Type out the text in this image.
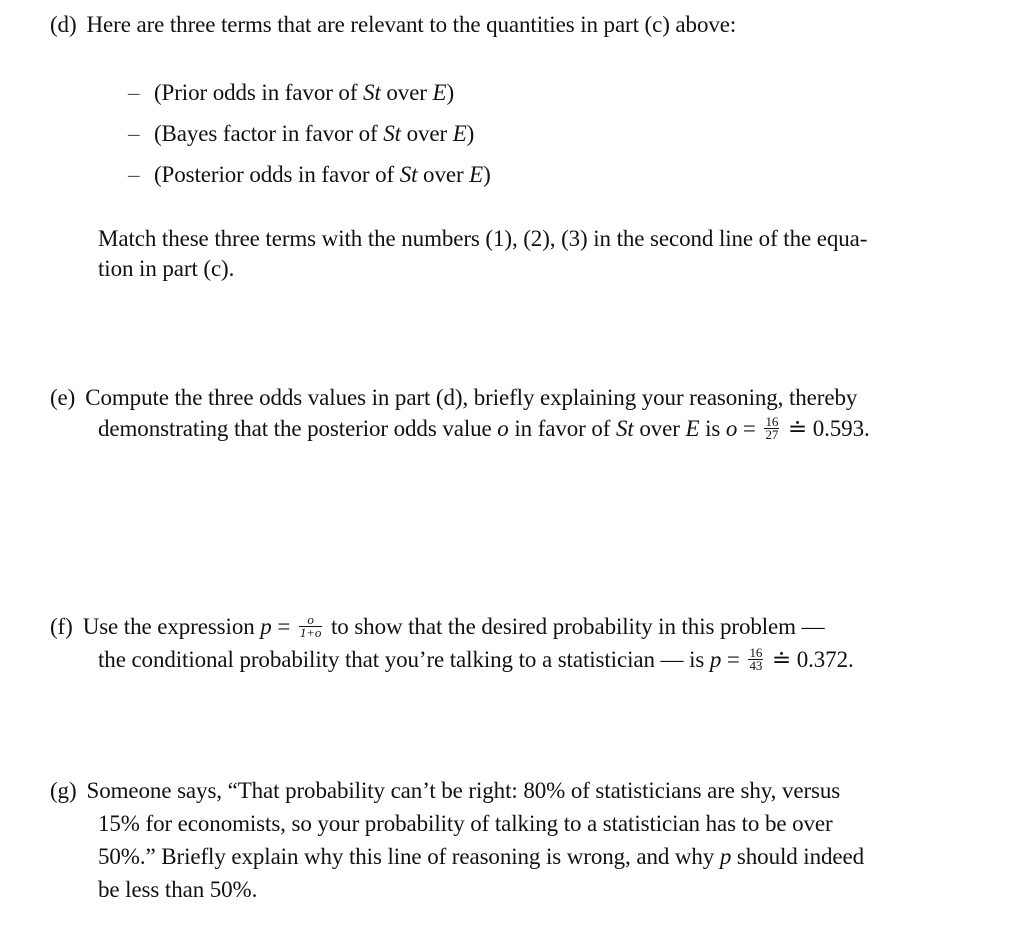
(d) Here are three terms that are relevant to the quantities in part (c) above:
– (Prior odds in favor of St over E)
– (Bayes factor in favor of St over E)
– (Posterior odds in favor of St over E)
Match these three terms with the numbers (1), (2), (3) in the second line of the equa-
tion in part (c).
(e) Compute the three odds values in part (d), briefly explaining your reasoning, thereby
demonstrating that the posterior odds value o in favor of St over E is $o = \frac{16}{27}$ ≐ 0.593.
(f) Use the expression $p = \frac{o}{1+o}$ to show that the desired probability in this problem —
the conditional probability that you’re talking to a statistician — is $p = \frac{16}{43}$ ≐ 0.372.
(g) Someone says, “That probability can’t be right: 80% of statisticians are shy, versus
15% for economists, so your probability of talking to a statistician has to be over
50%.” Briefly explain why this line of reasoning is wrong, and why p should indeed
be less than 50%.
